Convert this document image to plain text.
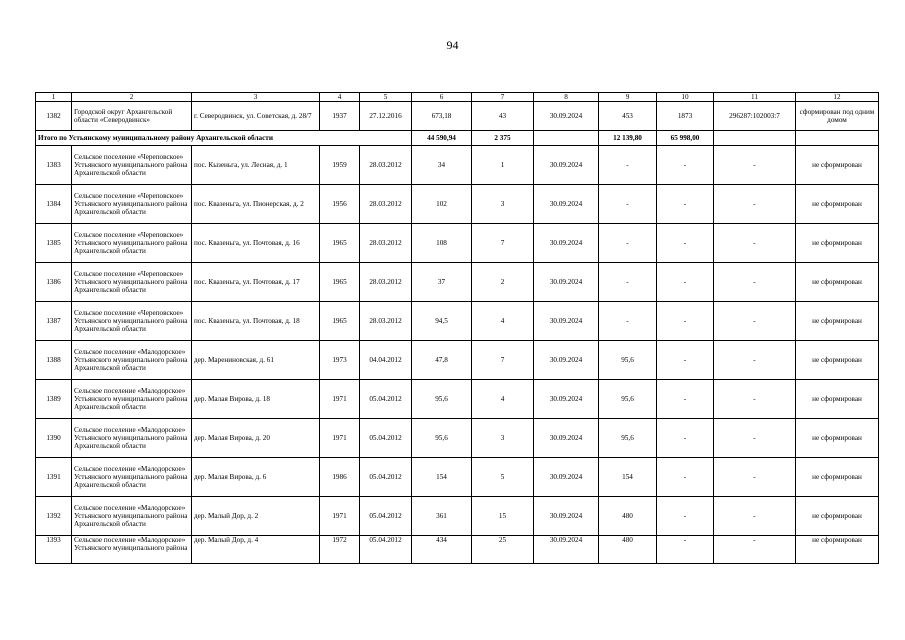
94
1	2	3	4	5	6	7	8	9	10	11	12
1382	Городской округ Архангельской области «Северодвинск»	г. Северодвинск, ул. Советская, д. 28/7	1937	27.12.2016	673,18	43	30.09.2024	453	1873	296287:102003:7	сформирован под одним домом
Итого по Устьянскому муниципальному району Архангельской области					44 590,94	2 375		12 139,80	65 998,00		
1383	Сельское поселение «Череповское» Устьянского муниципального района Архангельской области	пос. Кызеньга, ул. Лесная, д. 1	1959	28.03.2012	34	1	30.09.2024	-	-	-	не сформирован
1384	Сельское поселение «Череповское» Устьянского муниципального района Архангельской области	пос. Квазеньга, ул. Пионерская, д. 2	1956	28.03.2012	102	3	30.09.2024	-	-	-	не сформирован
1385	Сельское поселение «Череповское» Устьянского муниципального района Архангельской области	пос. Квазеньга, ул. Почтовая, д. 16	1965	28.03.2012	108	7	30.09.2024	-	-	-	не сформирован
1386	Сельское поселение «Череповское» Устьянского муниципального района Архангельской области	пос. Квазеньга, ул. Почтовая, д. 17	1965	28.03.2012	37	2	30.09.2024	-	-	-	не сформирован
1387	Сельское поселение «Череповское» Устьянского муниципального района Архангельской области	пос. Квазеньга, ул. Почтовая, д. 18	1965	28.03.2012	94,5	4	30.09.2024	-	-	-	не сформирован
1388	Сельское поселение «Малодорское» Устьянского муниципального района Архангельской области	дер. Марениновская, д. 61	1973	04.04.2012	47,8	7	30.09.2024	95,6	-	-	не сформирован
1389	Сельское поселение «Малодорское» Устьянского муниципального района Архангельской области	дер. Малая Вирова, д. 18	1971	05.04.2012	95,6	4	30.09.2024	95,6	-	-	не сформирован
1390	Сельское поселение «Малодорское» Устьянского муниципального района Архангельской области	дер. Малая Вирова, д. 20	1971	05.04.2012	95,6	3	30.09.2024	95,6	-	-	не сформирован
1391	Сельское поселение «Малодорское» Устьянского муниципального района Архангельской области	дер. Малая Вирова, д. 6	1986	05.04.2012	154	5	30.09.2024	154	-	-	не сформирован
1392	Сельское поселение «Малодорское» Устьянского муниципального района Архангельской области	дер. Малый Дор, д. 2	1971	05.04.2012	361	15	30.09.2024	480	-	-	не сформирован
1393	Сельское поселение «Малодорское» Устьянского муниципального района	дер. Малый Дор, д. 4	1972	05.04.2012	434	25	30.09.2024	480	-	-	не сформирован
